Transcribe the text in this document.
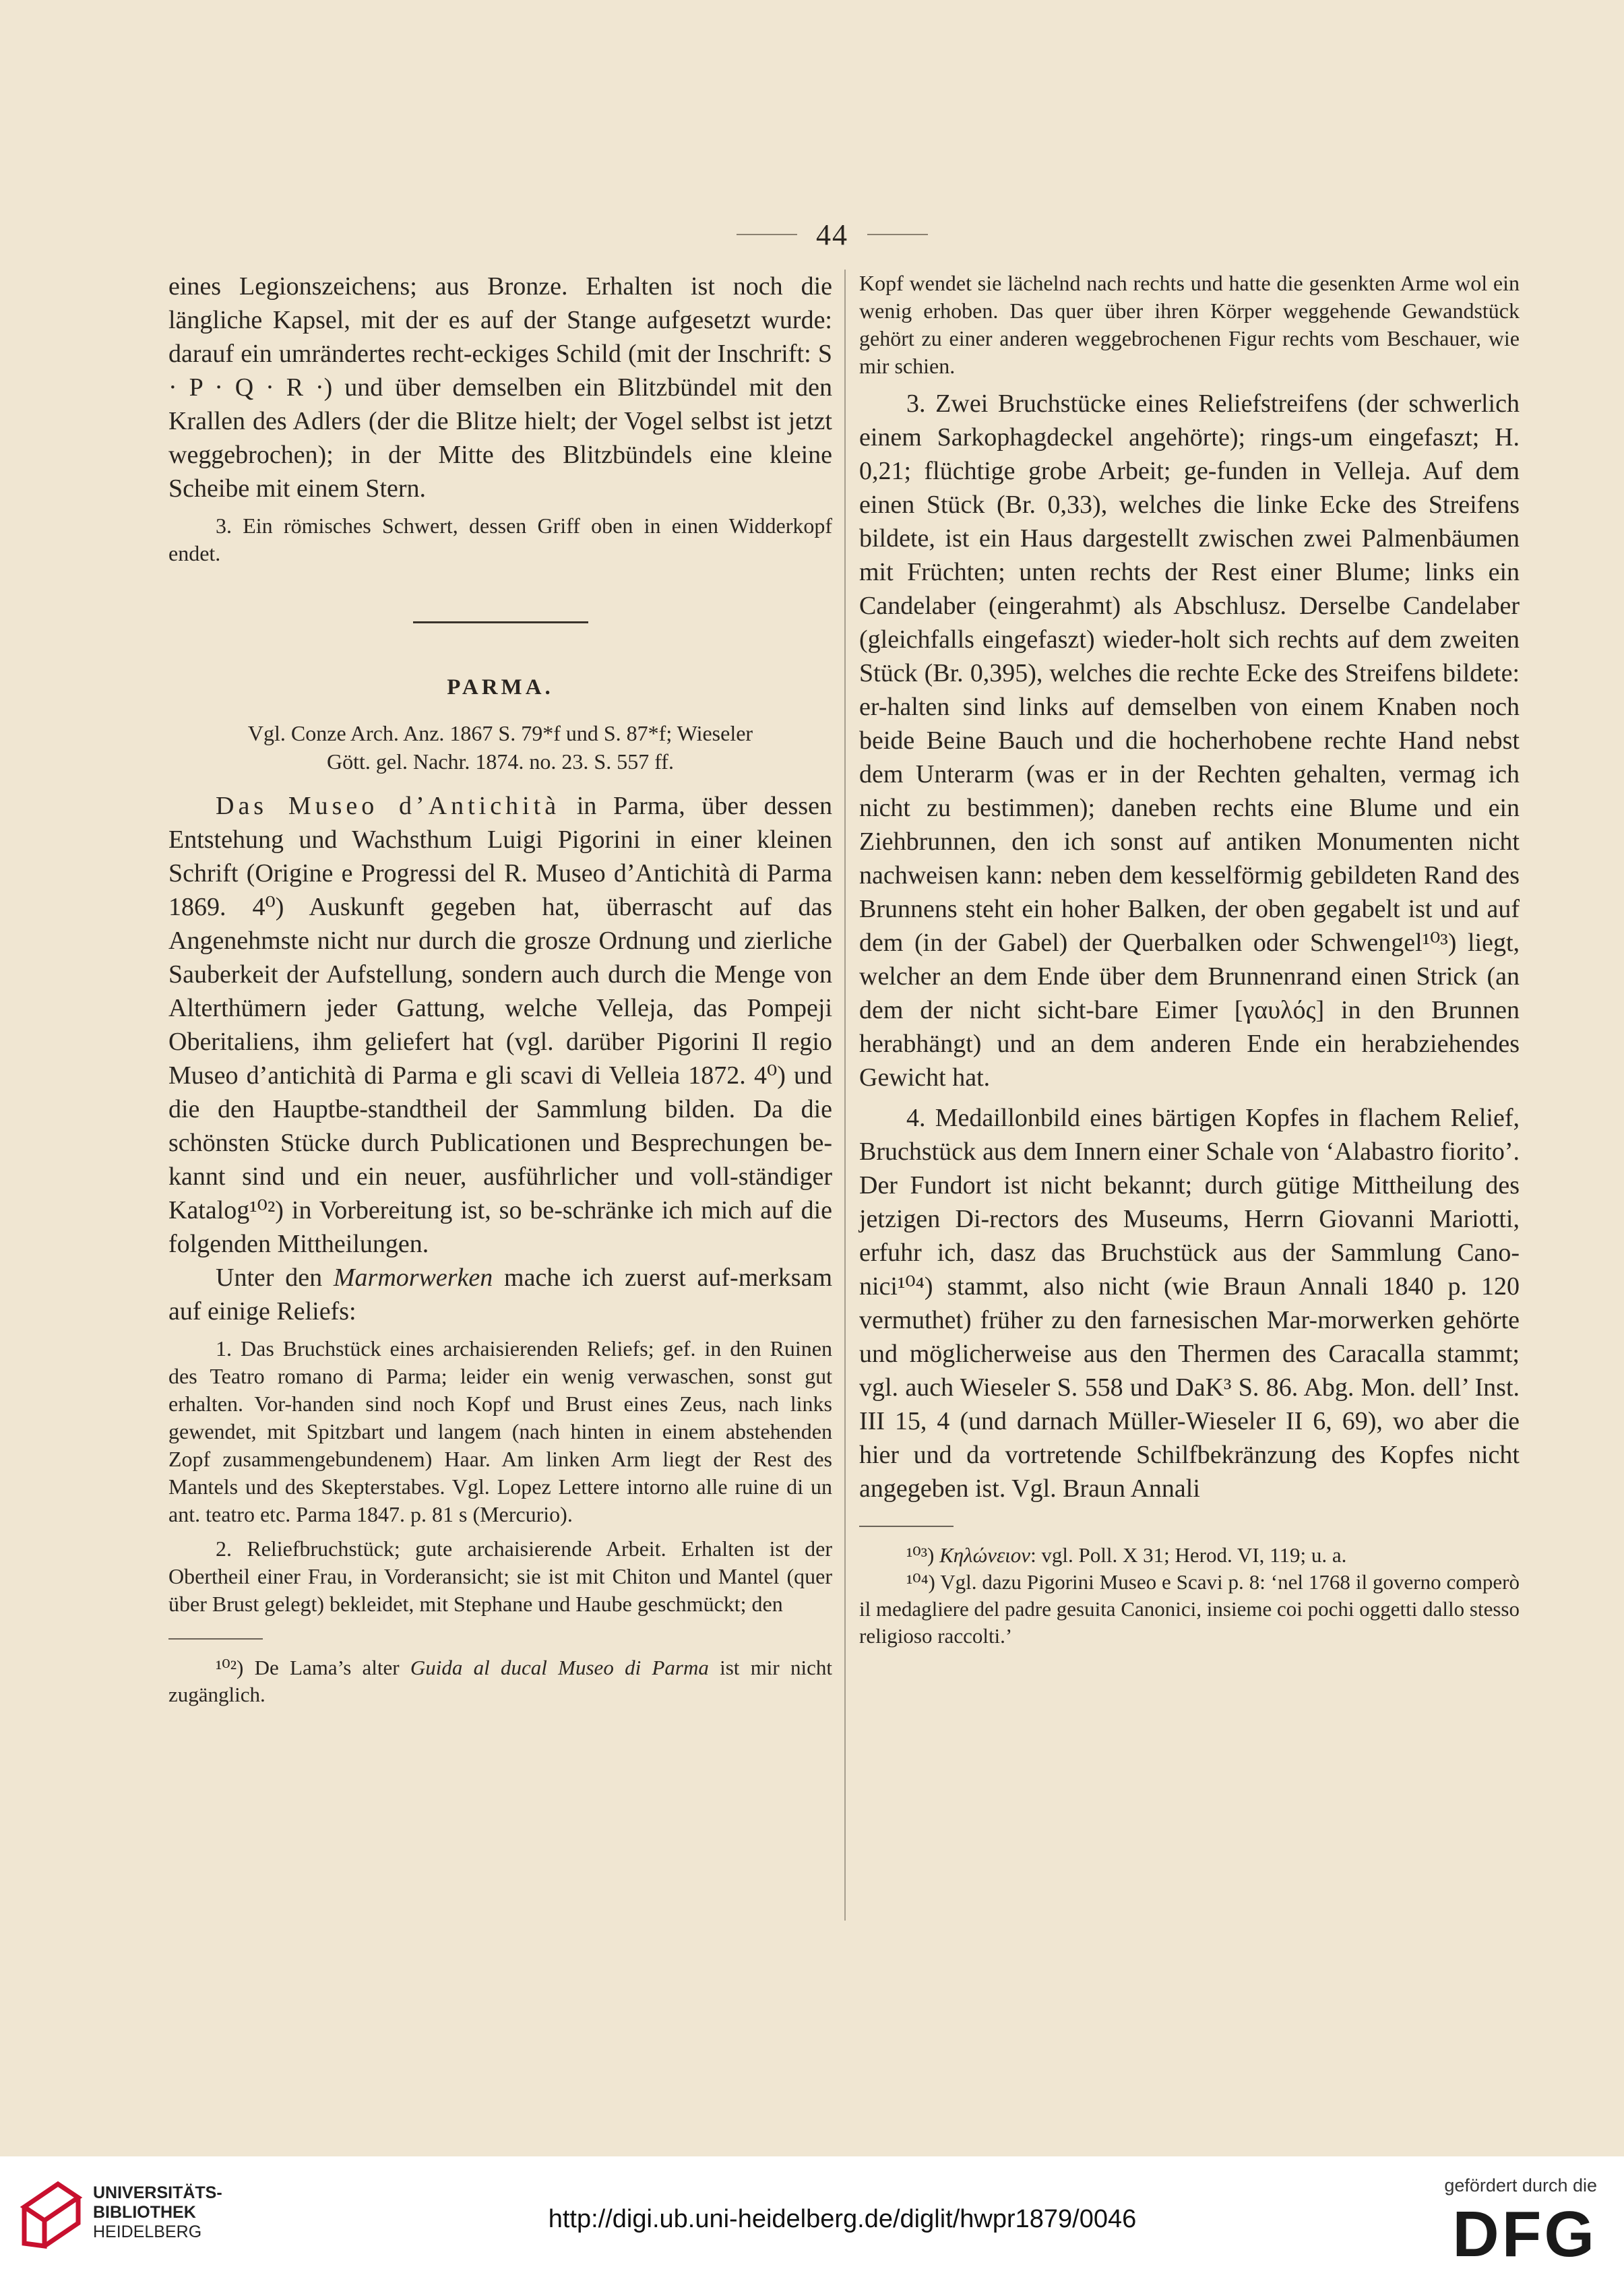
44

eines Legionszeichens; aus Bronze. Erhalten ist noch die längliche Kapsel, mit der es auf der Stange aufgesetzt wurde: darauf ein umrändertes recht-eckiges Schild (mit der Inschrift: S · P · Q · R ·) und über demselben ein Blitzbündel mit den Krallen des Adlers (der die Blitze hielt; der Vogel selbst ist jetzt weggebrochen); in der Mitte des Blitzbündels eine kleine Scheibe mit einem Stern.

3. Ein römisches Schwert, dessen Griff oben in einen Widderkopf endet.

PARMA.

Vgl. Conze Arch. Anz. 1867 S. 79*f und S. 87*f; Wieseler

Gött. gel. Nachr. 1874. no. 23. S. 557 ff.

Das Museo d’Antichità in Parma, über dessen Entstehung und Wachsthum Luigi Pigorini in einer kleinen Schrift (Origine e Progressi del R. Museo d’Antichità di Parma 1869. 4⁰) Auskunft gegeben hat, überrascht auf das Angenehmste nicht nur durch die grosze Ordnung und zierliche Sauberkeit der Aufstellung, sondern auch durch die Menge von Alterthümern jeder Gattung, welche Velleja, das Pompeji Oberitaliens, ihm geliefert hat (vgl. darüber Pigorini Il regio Museo d’antichità di Parma e gli scavi di Velleia 1872. 4⁰) und die den Hauptbe-standtheil der Sammlung bilden. Da die schönsten Stücke durch Publicationen und Besprechungen be-kannt sind und ein neuer, ausführlicher und voll-ständiger Katalog¹⁰²) in Vorbereitung ist, so be-schränke ich mich auf die folgenden Mittheilungen.

Unter den Marmorwerken mache ich zuerst auf-merksam auf einige Reliefs:

1. Das Bruchstück eines archaisierenden Reliefs; gef. in den Ruinen des Teatro romano di Parma; leider ein wenig verwaschen, sonst gut erhalten. Vor-handen sind noch Kopf und Brust eines Zeus, nach links gewendet, mit Spitzbart und langem (nach hinten in einem abstehenden Zopf zusammengebundenem) Haar. Am linken Arm liegt der Rest des Mantels und des Skepterstabes. Vgl. Lopez Lettere intorno alle ruine di un ant. teatro etc. Parma 1847. p. 81 s (Mercurio).

2. Reliefbruchstück; gute archaisierende Arbeit. Erhalten ist der Obertheil einer Frau, in Vorderansicht; sie ist mit Chiton und Mantel (quer über Brust gelegt) bekleidet, mit Stephane und Haube geschmückt; den

¹⁰²) De Lama’s alter Guida al ducal Museo di Parma ist mir nicht zugänglich.

Kopf wendet sie lächelnd nach rechts und hatte die gesenkten Arme wol ein wenig erhoben. Das quer über ihren Körper weggehende Gewandstück gehört zu einer anderen weggebrochenen Figur rechts vom Beschauer, wie mir schien.

3. Zwei Bruchstücke eines Reliefstreifens (der schwerlich einem Sarkophagdeckel angehörte); rings-um eingefaszt; H. 0,21; flüchtige grobe Arbeit; ge-funden in Velleja. Auf dem einen Stück (Br. 0,33), welches die linke Ecke des Streifens bildete, ist ein Haus dargestellt zwischen zwei Palmenbäumen mit Früchten; unten rechts der Rest einer Blume; links ein Candelaber (eingerahmt) als Abschlusz. Derselbe Candelaber (gleichfalls eingefaszt) wieder-holt sich rechts auf dem zweiten Stück (Br. 0,395), welches die rechte Ecke des Streifens bildete: er-halten sind links auf demselben von einem Knaben noch beide Beine Bauch und die hocherhobene rechte Hand nebst dem Unterarm (was er in der Rechten gehalten, vermag ich nicht zu bestimmen); daneben rechts eine Blume und ein Ziehbrunnen, den ich sonst auf antiken Monumenten nicht nachweisen kann: neben dem kesselförmig gebildeten Rand des Brunnens steht ein hoher Balken, der oben gegabelt ist und auf dem (in der Gabel) der Querbalken oder Schwengel¹⁰³) liegt, welcher an dem Ende über dem Brunnenrand einen Strick (an dem der nicht sicht-bare Eimer [γαυλός] in den Brunnen herabhängt) und an dem anderen Ende ein herabziehendes Gewicht hat.

4. Medaillonbild eines bärtigen Kopfes in flachem Relief, Bruchstück aus dem Innern einer Schale von ‘Alabastro fiorito’. Der Fundort ist nicht bekannt; durch gütige Mittheilung des jetzigen Di-rectors des Museums, Herrn Giovanni Mariotti, erfuhr ich, dasz das Bruchstück aus der Sammlung Cano-nici¹⁰⁴) stammt, also nicht (wie Braun Annali 1840 p. 120 vermuthet) früher zu den farnesischen Mar-morwerken gehörte und möglicherweise aus den Thermen des Caracalla stammt; vgl. auch Wieseler S. 558 und DaK³ S. 86. Abg. Mon. dell’ Inst. III 15, 4 (und darnach Müller-Wieseler II 6, 69), wo aber die hier und da vortretende Schilfbekränzung des Kopfes nicht angegeben ist. Vgl. Braun Annali

¹⁰³) Κηλώνειον: vgl. Poll. X 31; Herod. VI, 119; u. a.

¹⁰⁴) Vgl. dazu Pigorini Museo e Scavi p. 8: ‘nel 1768 il governo comperò il medagliere del padre gesuita Canonici, insieme coi pochi oggetti dallo stesso religioso raccolti.’

UNIVERSITÄTS-
BIBLIOTHEK
HEIDELBERG	http://digi.ub.uni-heidelberg.de/diglit/hwpr1879/0046
gefördert durch die
DFG
